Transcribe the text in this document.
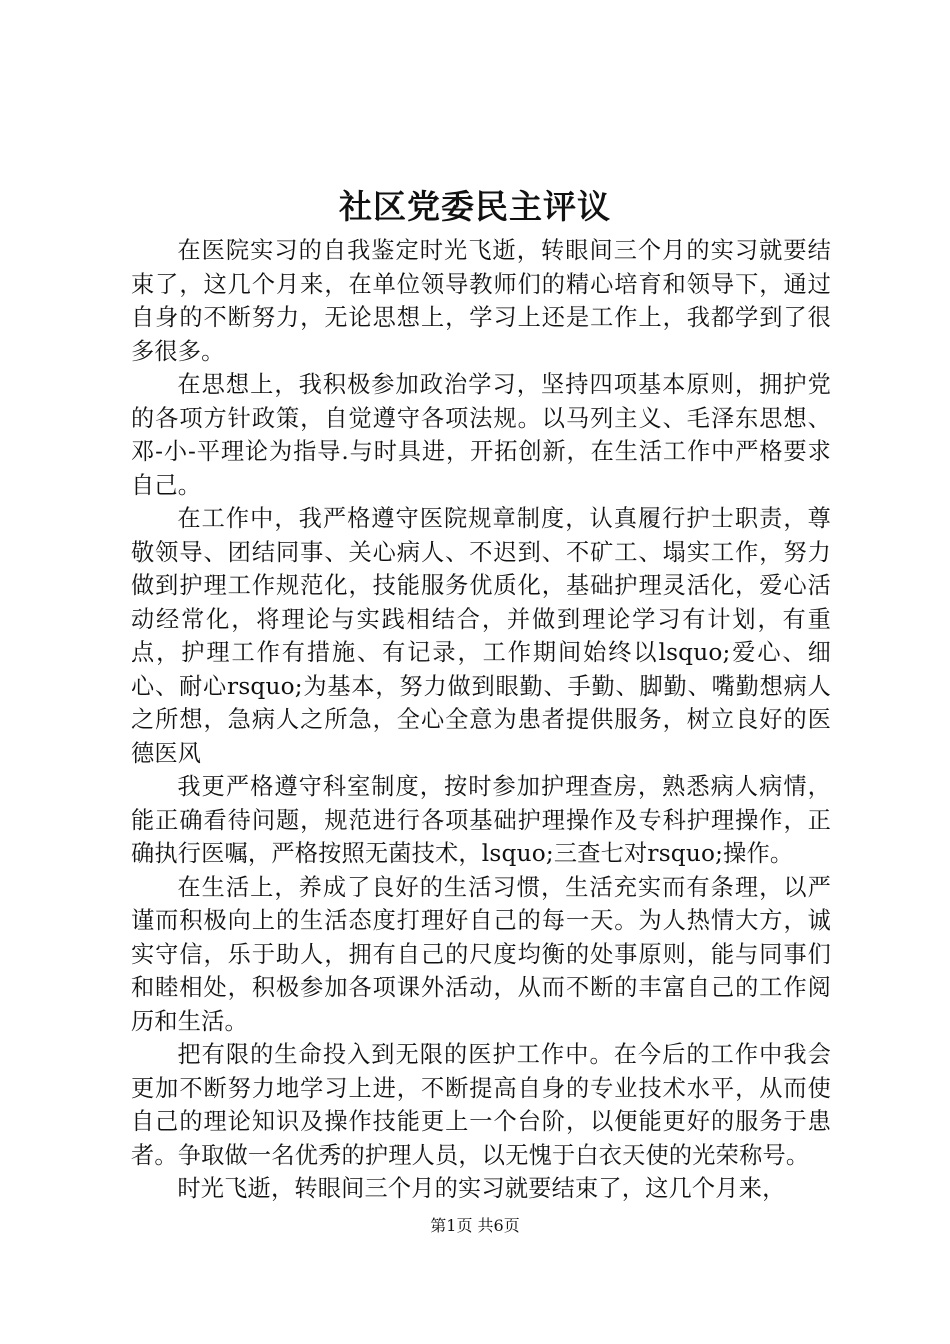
社区党委民主评议

在医院实习的自我鉴定时光飞逝，转眼间三个月的实习就要结束了，这几个月来，在单位领导教师们的精心培育和领导下，通过自身的不断努力，无论思想上，学习上还是工作上，我都学到了很多很多。

在思想上，我积极参加政治学习，坚持四项基本原则，拥护党的各项方针政策，自觉遵守各项法规。以马列主义、毛泽东思想、邓-小-平理论为指导.与时具进，开拓创新，在生活工作中严格要求自己。

在工作中，我严格遵守医院规章制度，认真履行护士职责，尊敬领导、团结同事、关心病人、不迟到、不矿工、塌实工作，努力做到护理工作规范化，技能服务优质化，基础护理灵活化，爱心活动经常化，将理论与实践相结合，并做到理论学习有计划，有重点，护理工作有措施、有记录，工作期间始终以lsquo;爱心、细心、耐心rsquo;为基本，努力做到眼勤、手勤、脚勤、嘴勤想病人之所想，急病人之所急，全心全意为患者提供服务，树立良好的医德医风

我更严格遵守科室制度，按时参加护理查房，熟悉病人病情，能正确看待问题，规范进行各项基础护理操作及专科护理操作，正确执行医嘱，严格按照无菌技术，lsquo;三查七对rsquo;操作。

在生活上，养成了良好的生活习惯，生活充实而有条理，以严谨而积极向上的生活态度打理好自己的每一天。为人热情大方，诚实守信，乐于助人，拥有自己的尺度均衡的处事原则，能与同事们和睦相处，积极参加各项课外活动，从而不断的丰富自己的工作阅历和生活。

把有限的生命投入到无限的医护工作中。在今后的工作中我会更加不断努力地学习上进，不断提高自身的专业技术水平，从而使自己的理论知识及操作技能更上一个台阶，以便能更好的服务于患者。争取做一名优秀的护理人员，以无愧于白衣天使的光荣称号。

时光飞逝，转眼间三个月的实习就要结束了，这几个月来，

第1页 共6页
